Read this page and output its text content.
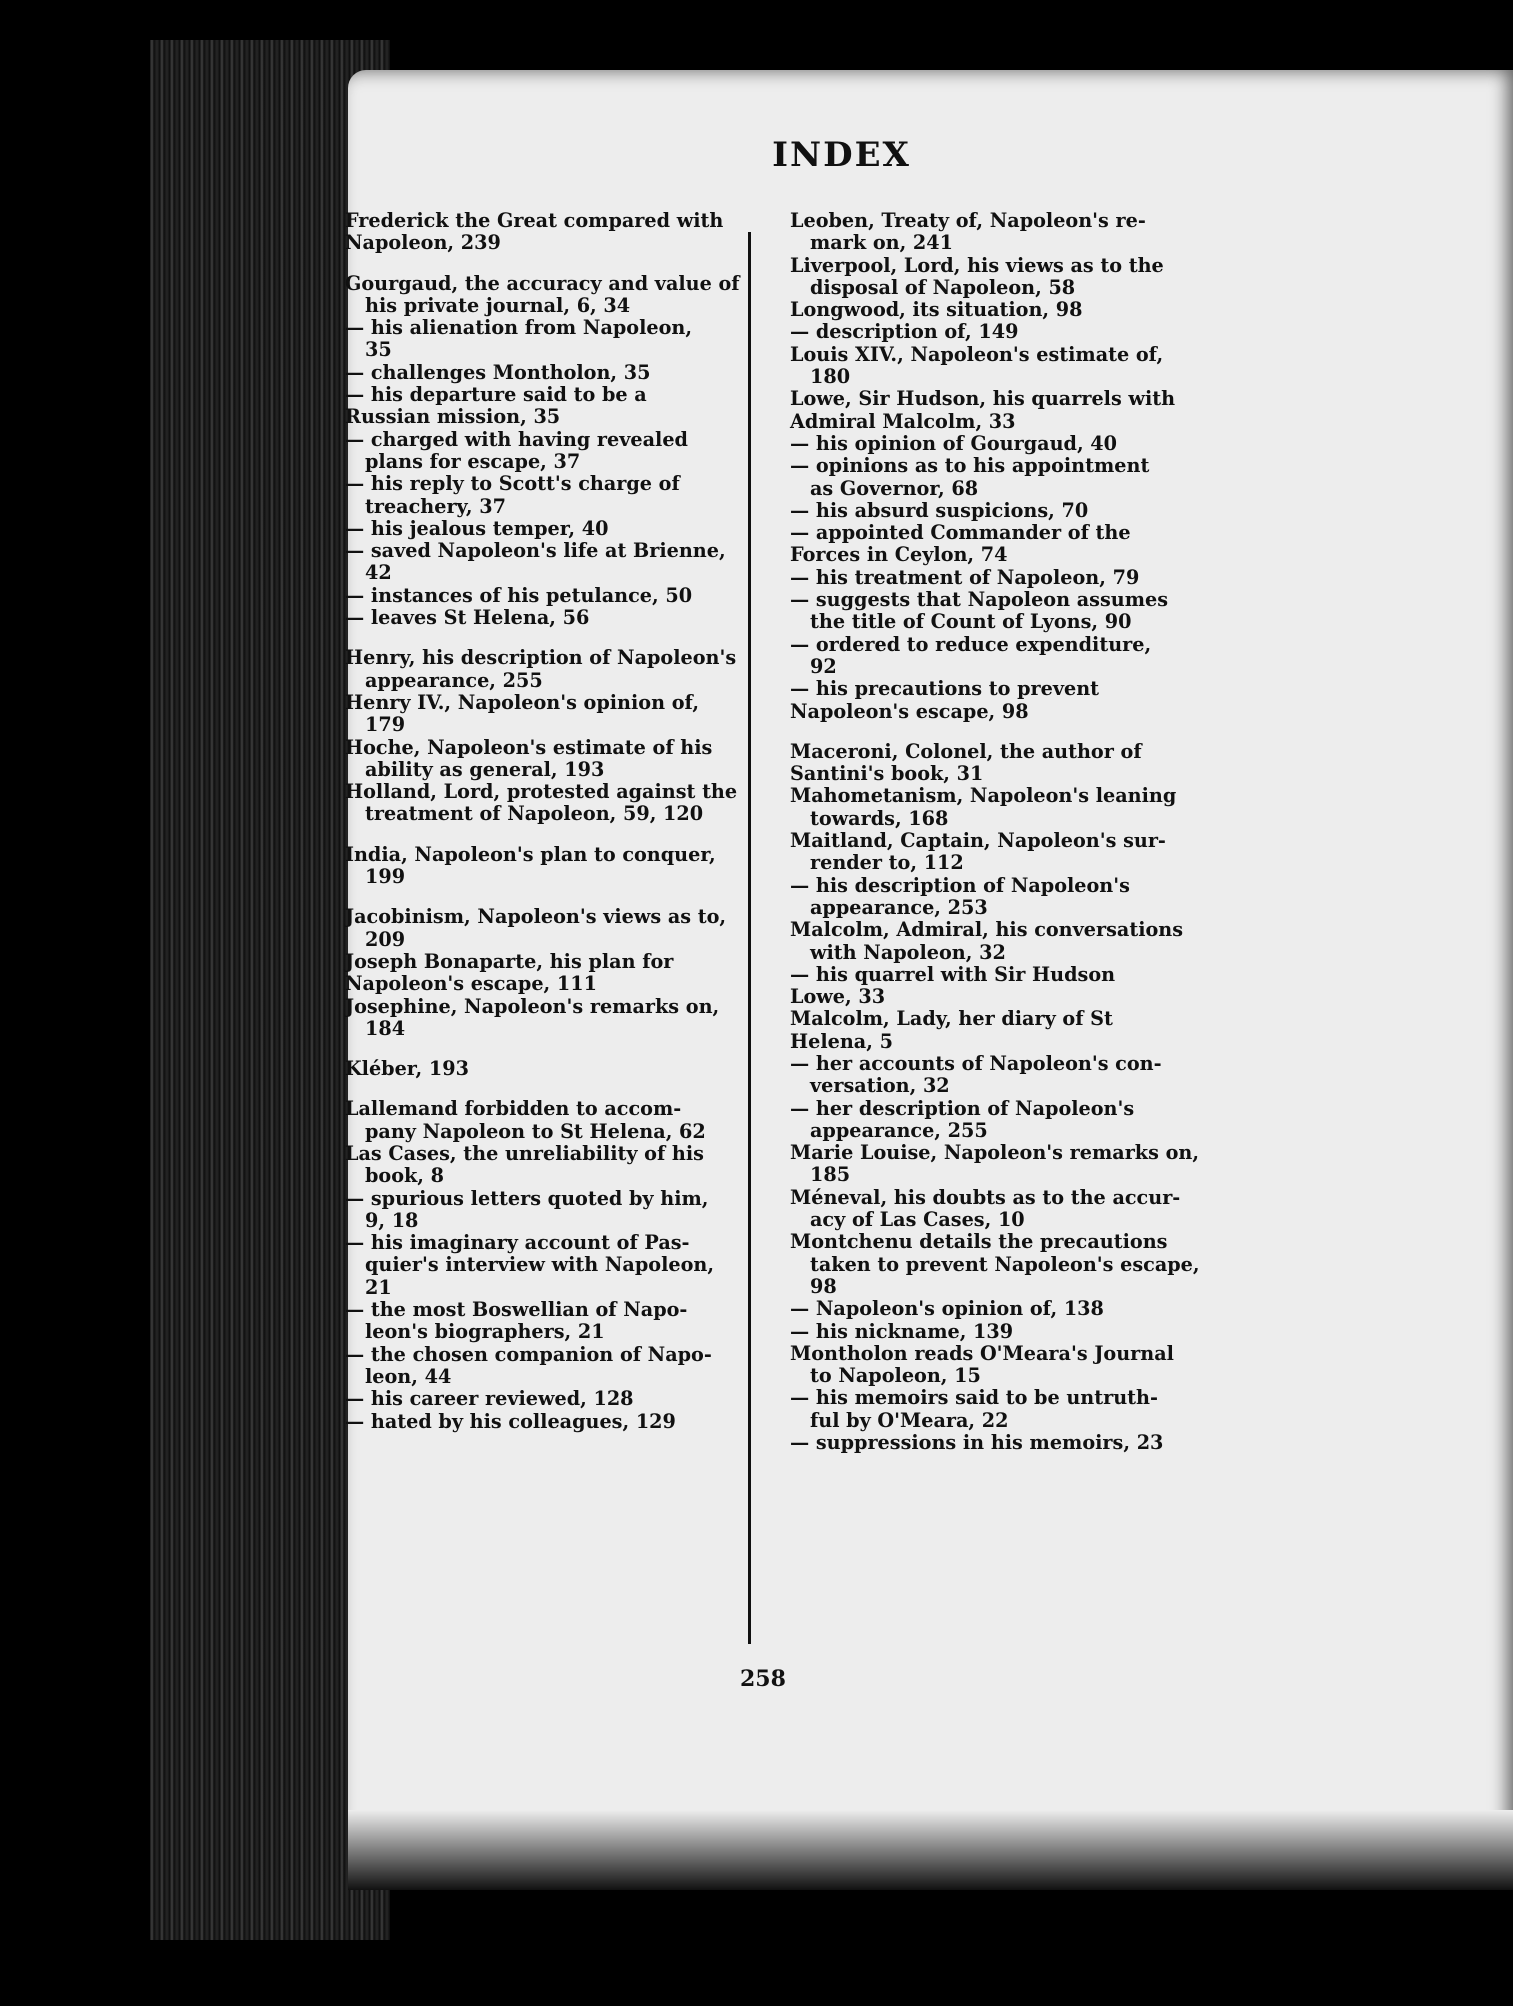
INDEX
Frederick the Great compared with
Napoleon, 239

Gourgaud, the accuracy and value of
his private journal, 6, 34
— his alienation from Napoleon,
35
— challenges Montholon, 35
— his departure said to be a
Russian mission, 35
— charged with having revealed
plans for escape, 37
— his reply to Scott's charge of
treachery, 37
— his jealous temper, 40
— saved Napoleon's life at Brienne,
42
— instances of his petulance, 50
— leaves St Helena, 56

Henry, his description of Napoleon's
appearance, 255
Henry IV., Napoleon's opinion of,
179
Hoche, Napoleon's estimate of his
ability as general, 193
Holland, Lord, protested against the
treatment of Napoleon, 59, 120

India, Napoleon's plan to conquer,
199

Jacobinism, Napoleon's views as to,
209
Joseph Bonaparte, his plan for
Napoleon's escape, 111
Josephine, Napoleon's remarks on,
184

Kléber, 193

Lallemand forbidden to accom-
pany Napoleon to St Helena, 62
Las Cases, the unreliability of his
book, 8
— spurious letters quoted by him,
9, 18
— his imaginary account of Pas-
quier's interview with Napoleon,
21
— the most Boswellian of Napo-
leon's biographers, 21
— the chosen companion of Napo-
leon, 44
— his career reviewed, 128
— hated by his colleagues, 129
Leoben, Treaty of, Napoleon's re-
mark on, 241
Liverpool, Lord, his views as to the
disposal of Napoleon, 58
Longwood, its situation, 98
— description of, 149
Louis XIV., Napoleon's estimate of,
180
Lowe, Sir Hudson, his quarrels with
Admiral Malcolm, 33
— his opinion of Gourgaud, 40
— opinions as to his appointment
as Governor, 68
— his absurd suspicions, 70
— appointed Commander of the
Forces in Ceylon, 74
— his treatment of Napoleon, 79
— suggests that Napoleon assumes
the title of Count of Lyons, 90
— ordered to reduce expenditure,
92
— his precautions to prevent
Napoleon's escape, 98

Maceroni, Colonel, the author of
Santini's book, 31
Mahometanism, Napoleon's leaning
towards, 168
Maitland, Captain, Napoleon's sur-
render to, 112
— his description of Napoleon's
appearance, 253
Malcolm, Admiral, his conversations
with Napoleon, 32
— his quarrel with Sir Hudson
Lowe, 33
Malcolm, Lady, her diary of St
Helena, 5
— her accounts of Napoleon's con-
versation, 32
— her description of Napoleon's
appearance, 255
Marie Louise, Napoleon's remarks on,
185
Méneval, his doubts as to the accur-
acy of Las Cases, 10
Montchenu details the precautions
taken to prevent Napoleon's escape,
98
— Napoleon's opinion of, 138
— his nickname, 139
Montholon reads O'Meara's Journal
to Napoleon, 15
— his memoirs said to be untruth-
ful by O'Meara, 22
— suppressions in his memoirs, 23
258
